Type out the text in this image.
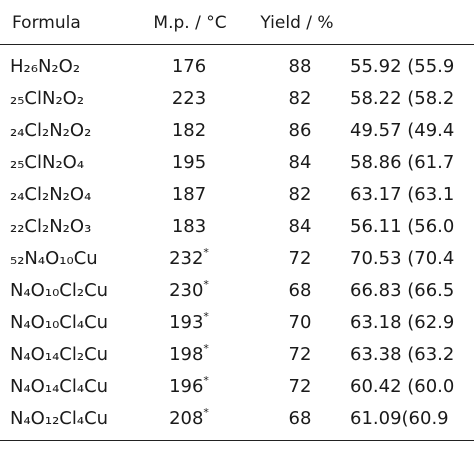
Formula	M.p. / °C Yield / %
H₂₆N₂O₂	176	88	55.92 (55.9
₂₅ClN₂O₂	223	82	58.22 (58.2
₂₄Cl₂N₂O₂	182	86	49.57 (49.4
₂₅ClN₂O₄	195	84	58.86 (61.7
₂₄Cl₂N₂O₄	187	82	63.17 (63.1
₂₂Cl₂N₂O₃	183	84	56.11 (56.0
₅₂N₄O₁₀Cu	232*	72	70.53 (70.4
N₄O₁₀Cl₂Cu	230*	68	66.83 (66.5
N₄O₁₀Cl₄Cu	193*	70	63.18 (62.9
N₄O₁₄Cl₂Cu	198*	72	63.38 (63.2
N₄O₁₄Cl₄Cu	196*	72	60.42 (60.0
N₄O₁₂Cl₄Cu	208*	68	61.09(60.9
